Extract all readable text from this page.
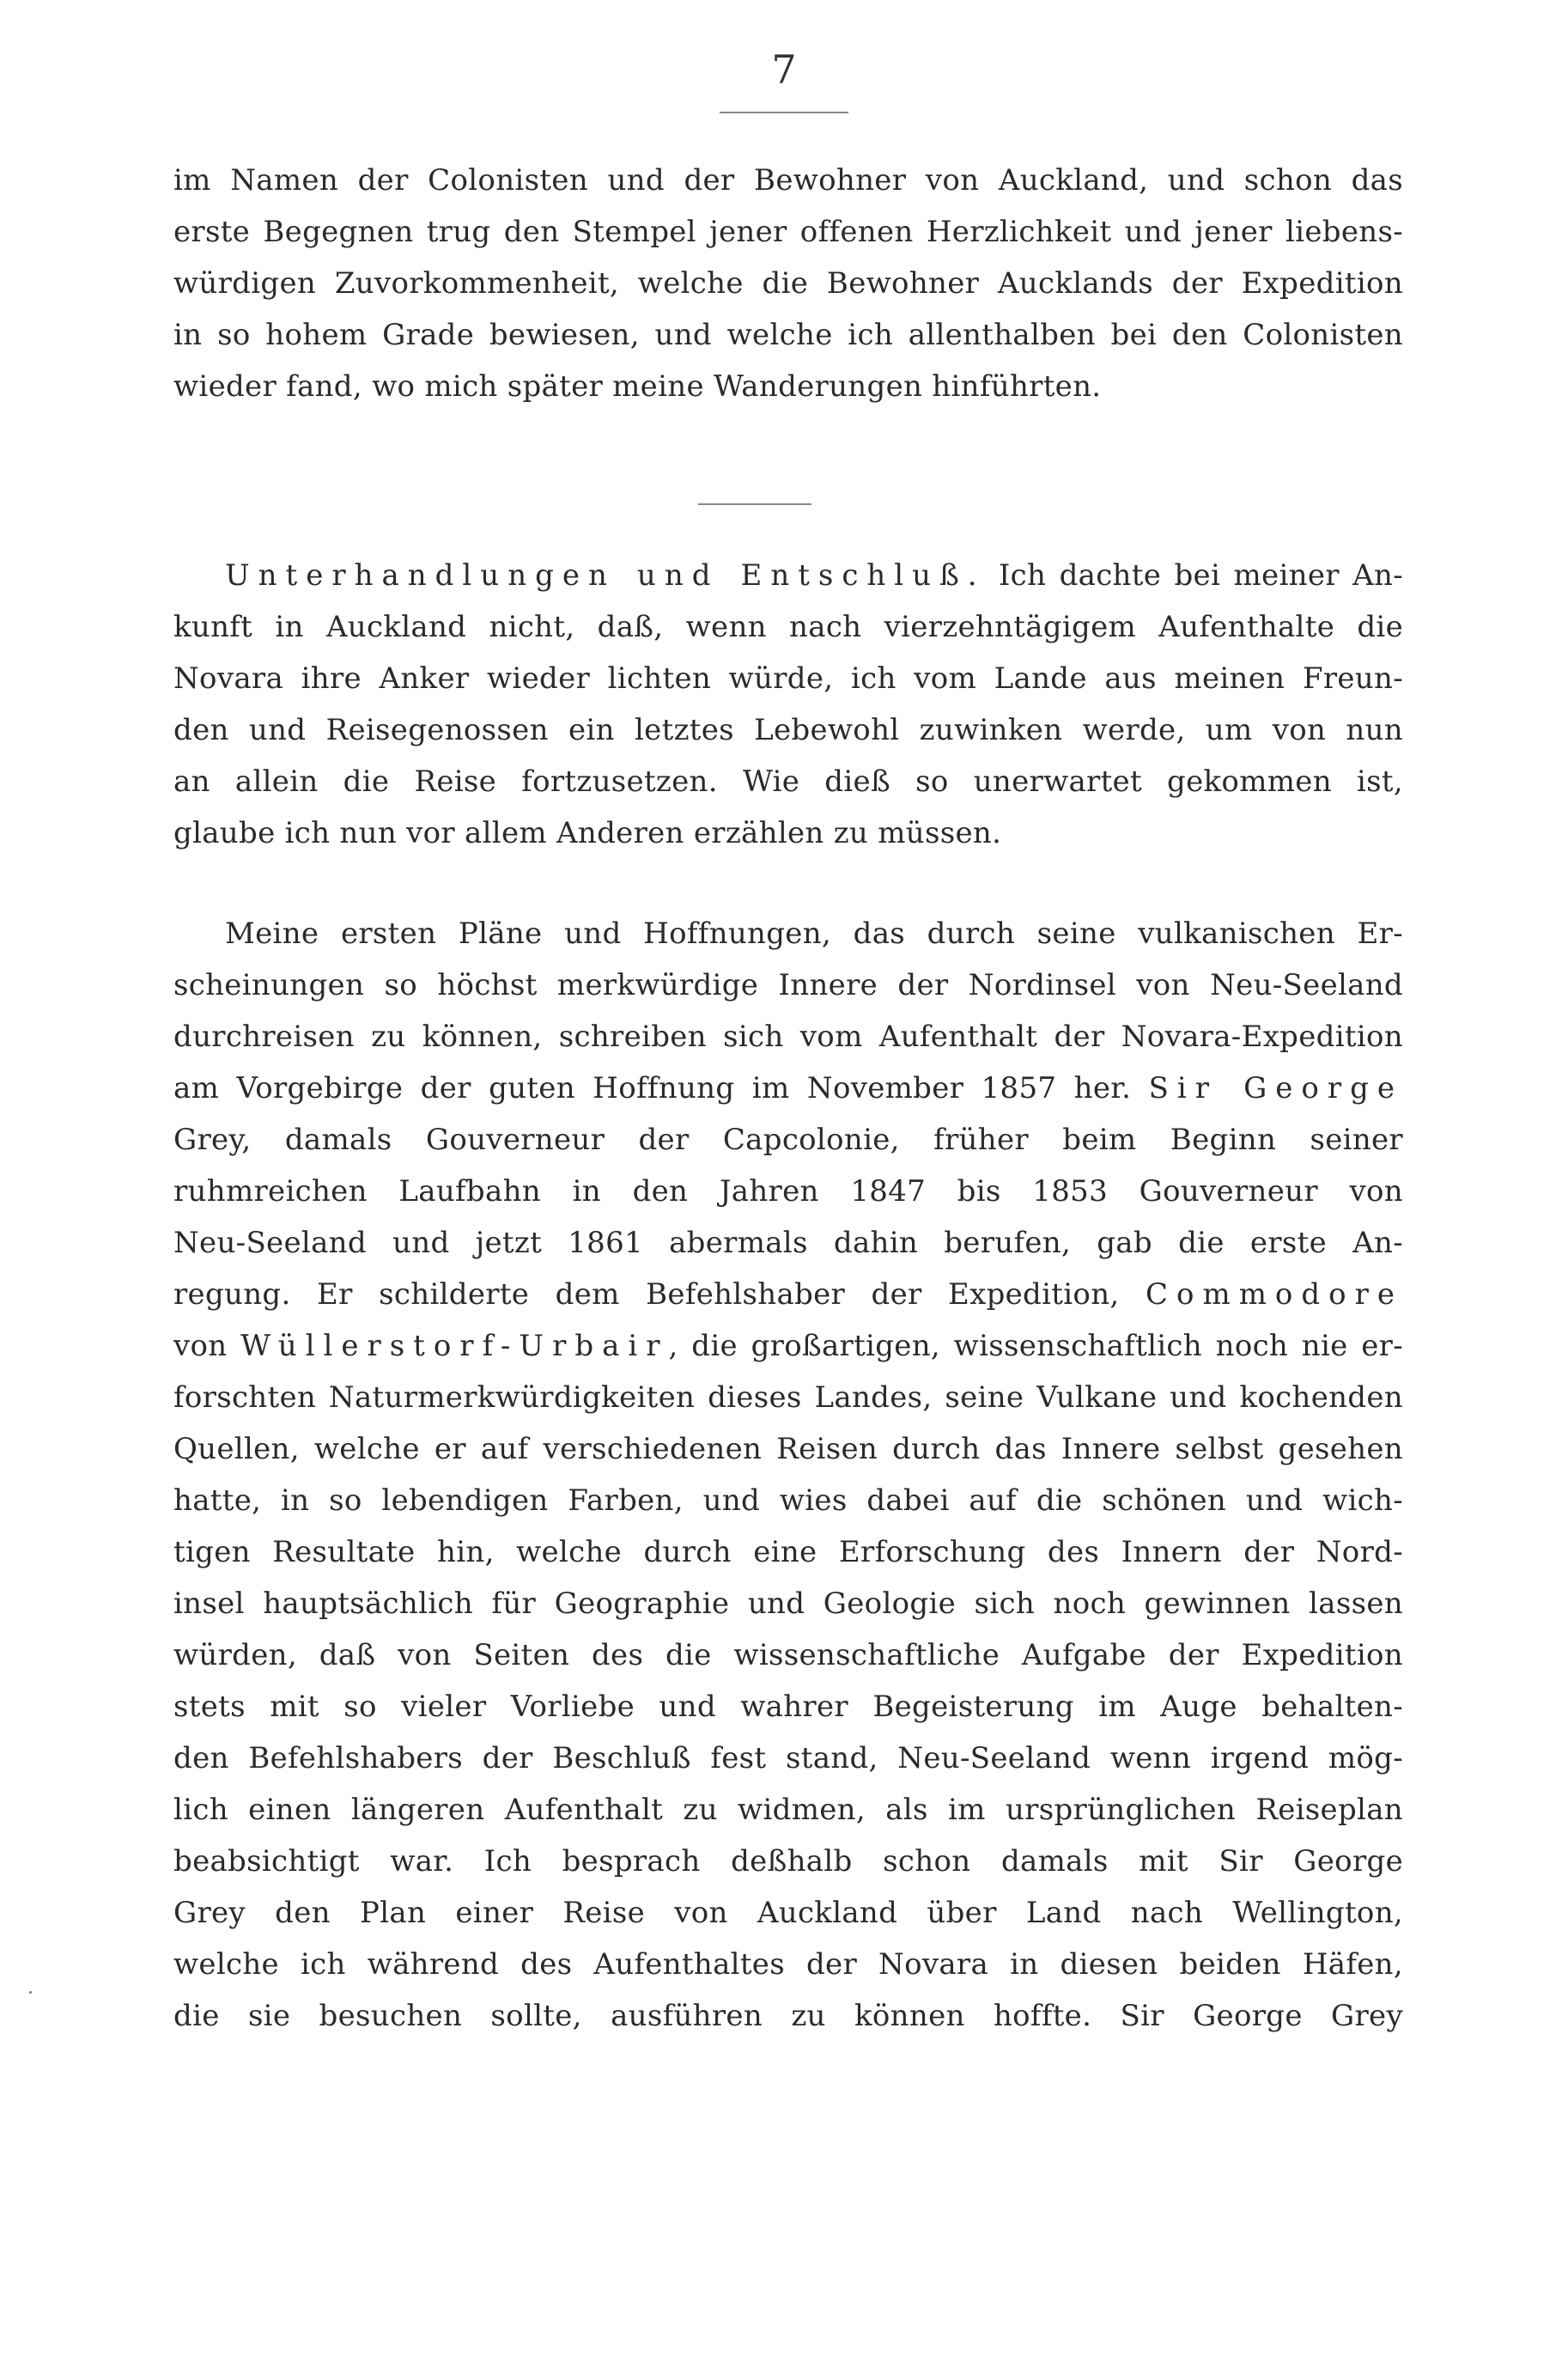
7
im Namen der Colonisten und der Bewohner von Auckland, und schon das
erste Begegnen trug den Stempel jener offenen Herzlichkeit und jener liebens-
würdigen Zuvorkommenheit, welche die Bewohner Aucklands der Expedition
in so hohem Grade bewiesen, und welche ich allenthalben bei den Colonisten
wieder fand, wo mich später meine Wanderungen hinführten.
Unterhandlungen und Entschluß. Ich dachte bei meiner An-
kunft in Auckland nicht, daß, wenn nach vierzehntägigem Aufenthalte die
Novara ihre Anker wieder lichten würde, ich vom Lande aus meinen Freun-
den und Reisegenossen ein letztes Lebewohl zuwinken werde, um von nun
an allein die Reise fortzusetzen. Wie dieß so unerwartet gekommen ist,
glaube ich nun vor allem Anderen erzählen zu müssen.
Meine ersten Pläne und Hoffnungen, das durch seine vulkanischen Er-
scheinungen so höchst merkwürdige Innere der Nordinsel von Neu-Seeland
durchreisen zu können, schreiben sich vom Aufenthalt der Novara-Expedition
am Vorgebirge der guten Hoffnung im November 1857 her. Sir George
Grey, damals Gouverneur der Capcolonie, früher beim Beginn seiner
ruhmreichen Laufbahn in den Jahren 1847 bis 1853 Gouverneur von
Neu-Seeland und jetzt 1861 abermals dahin berufen, gab die erste An-
regung. Er schilderte dem Befehlshaber der Expedition, Commodore
von Wüllerstorf-Urbair, die großartigen, wissenschaftlich noch nie er-
forschten Naturmerkwürdigkeiten dieses Landes, seine Vulkane und kochenden
Quellen, welche er auf verschiedenen Reisen durch das Innere selbst gesehen
hatte, in so lebendigen Farben, und wies dabei auf die schönen und wich-
tigen Resultate hin, welche durch eine Erforschung des Innern der Nord-
insel hauptsächlich für Geographie und Geologie sich noch gewinnen lassen
würden, daß von Seiten des die wissenschaftliche Aufgabe der Expedition
stets mit so vieler Vorliebe und wahrer Begeisterung im Auge behalten-
den Befehlshabers der Beschluß fest stand, Neu-Seeland wenn irgend mög-
lich einen längeren Aufenthalt zu widmen, als im ursprünglichen Reiseplan
beabsichtigt war. Ich besprach deßhalb schon damals mit Sir George
Grey den Plan einer Reise von Auckland über Land nach Wellington,
welche ich während des Aufenthaltes der Novara in diesen beiden Häfen,
die sie besuchen sollte, ausführen zu können hoffte. Sir George Grey
